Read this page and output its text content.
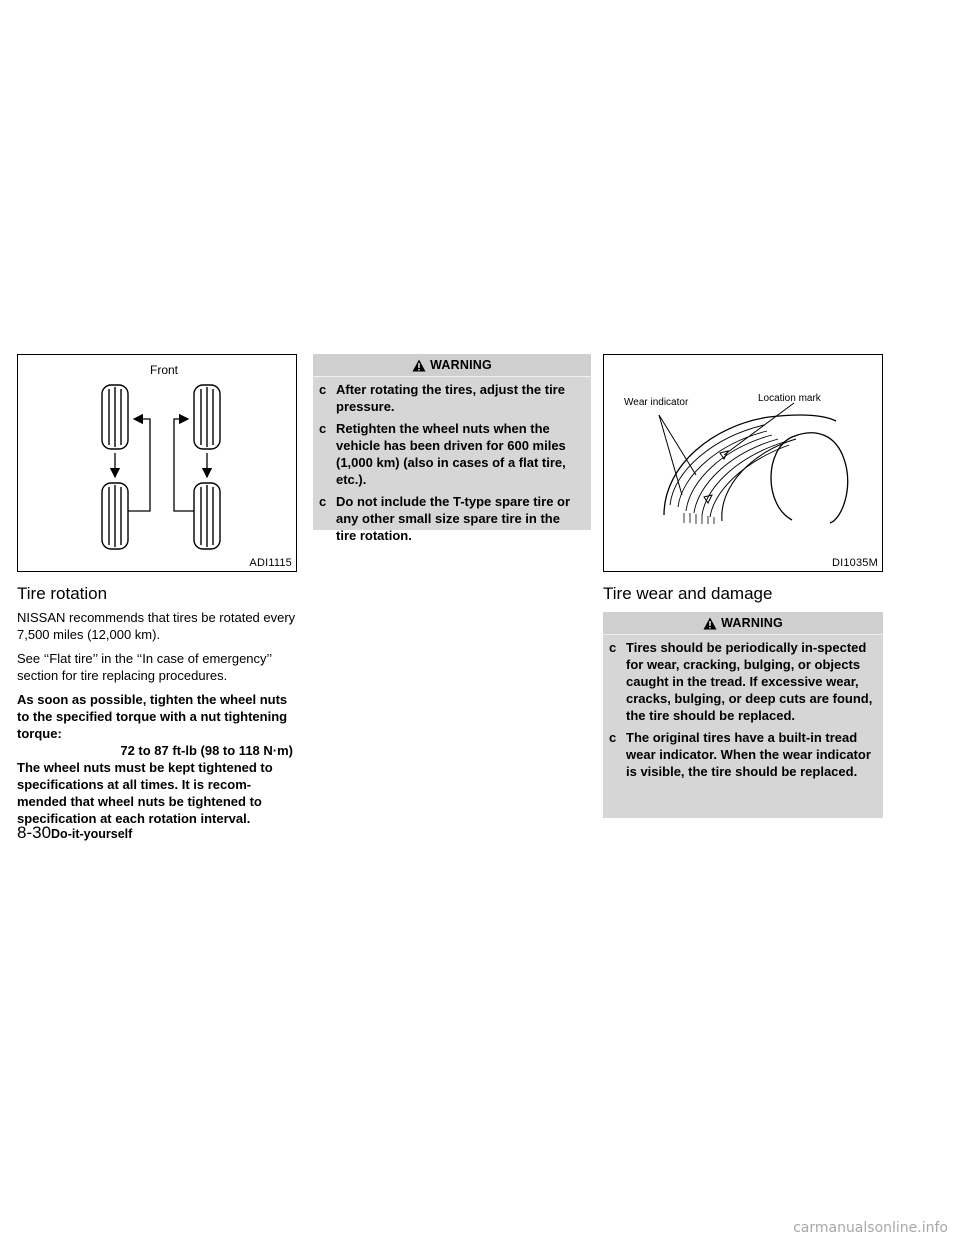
Front
ADI1115
Tire rotation

NISSAN recommends that tires be rotated every 7,500 miles (12,000 km).

See ‘‘Flat tire’’ in the ‘‘In case of emergency’’ section for tire replacing procedures.

As soon as possible, tighten the wheel nuts to the specified torque with a nut tightening torque:

72 to 87 ft-lb (98 to 118 N·m)

The wheel nuts must be kept tightened to specifications at all times. It is recom-mended that wheel nuts be tightened to specification at each rotation interval.

WARNING
c After rotating the tires, adjust the tire pressure.
c Retighten the wheel nuts when the vehicle has been driven for 600 miles (1,000 km) (also in cases of a flat tire, etc.).
c Do not include the T-type spare tire or any other small size spare tire in the tire rotation.
Wear indicator	Location mark
DI1035M
Tire wear and damage
WARNING
c Tires should be periodically in-spected for wear, cracking, bulging, or objects caught in the tread. If excessive wear, cracks, bulging, or deep cuts are found, the tire should be replaced.
c The original tires have a built-in tread wear indicator. When the wear indicator is visible, the tire should be replaced.
8-30Do-it-yourself
carmanualsonline.info
